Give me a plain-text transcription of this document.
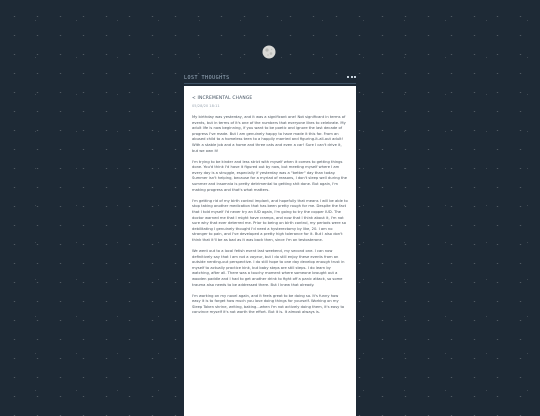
LOST THOUGHTS
< INCREMENTAL CHANGE
05/28/20 18:11

My birthday was yesterday, and it was a significant one! Not significant in terms of events, but in terms of it's one of the numbers that everyone likes to celebrate. My adult life is now beginning, if you want to be poetic and ignore the last decade of progress I've made. But I am genuinely happy to have made it this far. From an abused child to a homeless teen to a happily married and figuring-it-all-out adult! With a stable job and a home and three cats and even a car! Sure I can't drive it, but we own it!

I'm trying to be kinder and less strict with myself when it comes to getting things done. You'd think I'd have it figured out by now, but meeting myself where I am every day is a struggle, especially if yesterday was a "better" day than today. Summer isn't helping, because for a myriad of reasons, I don't sleep well during the summer and insomnia is pretty detrimental to getting shit done. But again, I'm making progress and that's what matters.

I'm getting rid of my birth control implant, and hopefully that means I will be able to stop taking another medication that has been pretty rough for me. Despite the fact that I told myself I'd never try an IUD again, I'm going to try the copper IUD. The doctor warned me that I might have cramps, and now that I think about it, I'm not sure why that ever deterred me. Prior to being on birth control, my periods were so debilitating I genuinely thought I'd need a hysterectomy by like, 20. I am no stranger to pain, and I've developed a pretty high tolerance for it. But I also don't think that it'll be as bad as it was back then, since I'm on testosterone.

We went out to a local fetish event last weekend, my second one. I can now definitively say that I am not a voyeur, but I do still enjoy these events from an outside nerding-out perspective. I do still hope to one day develop enough trust in myself to actually practice kink, but baby steps are still steps. I do learn by watching, after all. There was a touchy moment where someone brought out a wooden paddle and I had to get another drink to fight off a panic attack, so some trauma also needs to be addressed there. But I knew that already.

I'm working on my novel again, and it feels great to be doing so. It's funny how easy it is to forget how much you love doing things for yourself. Working on my Sleep Token shrine, writing, baking...when I'm not actively doing them, it's easy to convince myself it's not worth the effort. But it is. It almost always is.
